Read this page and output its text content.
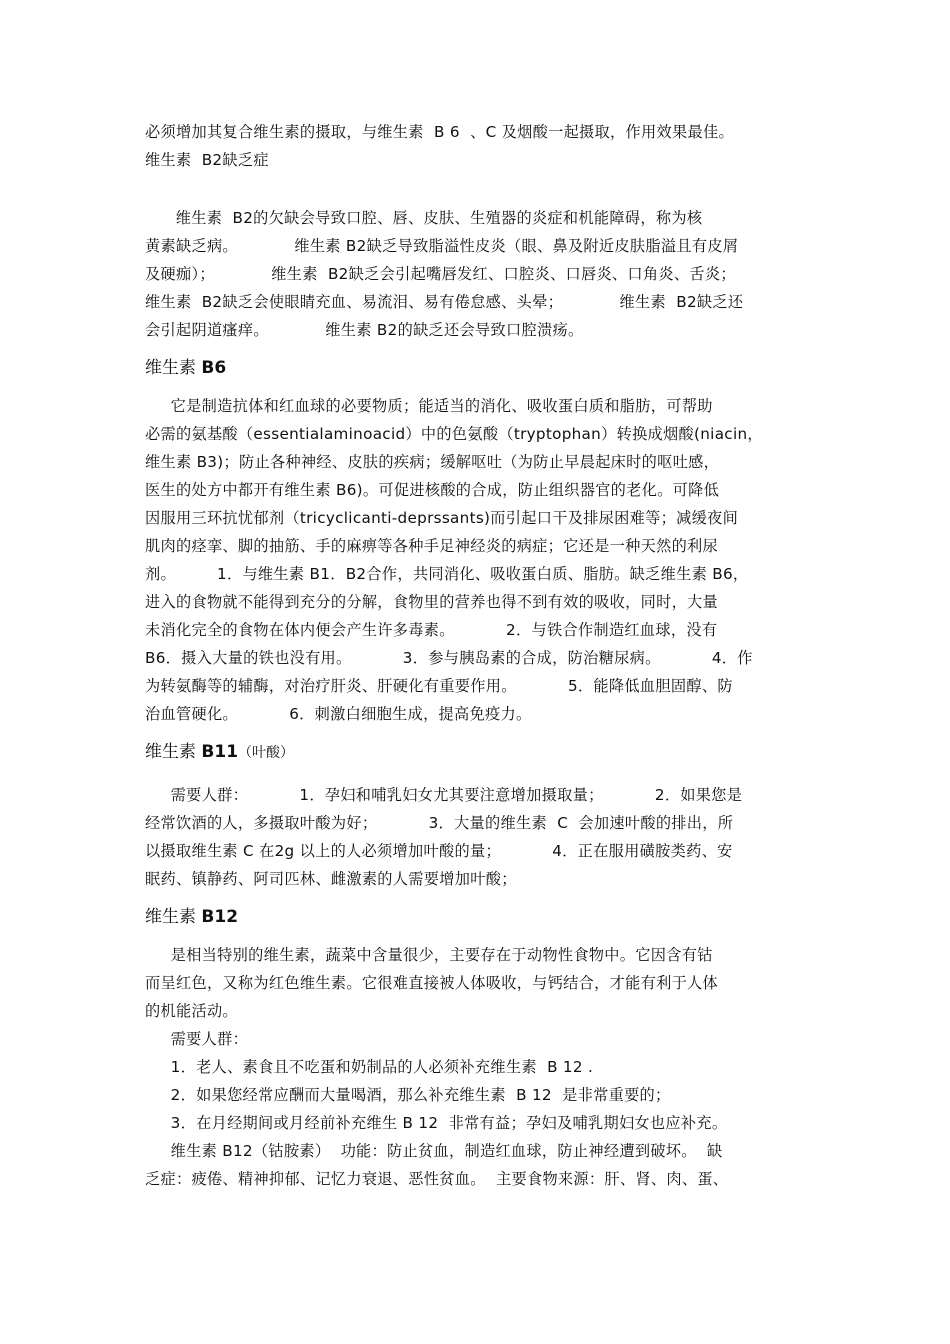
必须增加其复合维生素的摄取，与维生素  B 6  、C 及烟酸一起摄取，作用效果最佳。
维生素  B2缺乏症
维生素  B2的欠缺会导致口腔、唇、皮肤、生殖器的炎症和机能障碍，称为核
黄素缺乏病。           维生素 B2缺乏导致脂溢性皮炎（眼、鼻及附近皮肤脂溢且有皮屑
及硬痂）；           维生素  B2缺乏会引起嘴唇发红、口腔炎、口唇炎、口角炎、舌炎；
维生素  B2缺乏会使眼睛充血、易流泪、易有倦怠感、头晕；           维生素  B2缺乏还
会引起阴道瘙痒。           维生素 B2的缺乏还会导致口腔溃疡。
维生素 B6
它是制造抗体和红血球的必要物质；能适当的消化、吸收蛋白质和脂肪，可帮助
必需的氨基酸（essentialaminoacid）中的色氨酸（tryptophan）转换成烟酸(niacin，
维生素 B3)；防止各种神经、皮肤的疾病；缓解呕吐（为防止早晨起床时的呕吐感，
医生的处方中都开有维生素 B6)。可促进核酸的合成，防止组织器官的老化。可降低
因服用三环抗忧郁剂（tricyclicanti-deprssants)而引起口干及排尿困难等；减缓夜间
肌肉的痉挛、脚的抽筋、手的麻痹等各种手足神经炎的病症；它还是一种天然的利尿
剂。        1．与维生素 B1．B2合作，共同消化、吸收蛋白质、脂肪。缺乏维生素 B6，
进入的食物就不能得到充分的分解，食物里的营养也得不到有效的吸收，同时，大量
未消化完全的食物在体内便会产生许多毒素。          2．与铁合作制造红血球，没有
B6．摄入大量的铁也没有用。          3．参与胰岛素的合成，防治糖尿病。          4．作
为转氨酶等的辅酶，对治疗肝炎、肝硬化有重要作用。          5．能降低血胆固醇、防
治血管硬化。          6．刺激白细胞生成，提高免疫力。
维生素 B11（叶酸）
需要人群：          1．孕妇和哺乳妇女尤其要注意增加摄取量；          2．如果您是
经常饮酒的人，多摄取叶酸为好；          3．大量的维生素  C  会加速叶酸的排出，所
以摄取维生素 C 在2g 以上的人必须增加叶酸的量；          4．正在服用磺胺类药、安
眠药、镇静药、阿司匹林、雌激素的人需要增加叶酸；
维生素 B12
是相当特别的维生素，蔬菜中含量很少，主要存在于动物性食物中。它因含有钴
而呈红色，又称为红色维生素。它很难直接被人体吸收，与钙结合，才能有利于人体
的机能活动。
需要人群：
1．老人、素食且不吃蛋和奶制品的人必须补充维生素  B 12 .
2．如果您经常应酬而大量喝酒，那么补充维生素  B 12  是非常重要的；
3．在月经期间或月经前补充维生 B 12  非常有益；孕妇及哺乳期妇女也应补充。
维生素 B12（钴胺素）  功能：防止贫血，制造红血球，防止神经遭到破坏。  缺
乏症：疲倦、精神抑郁、记忆力衰退、恶性贫血。  主要食物来源：肝、肾、肉、蛋、
